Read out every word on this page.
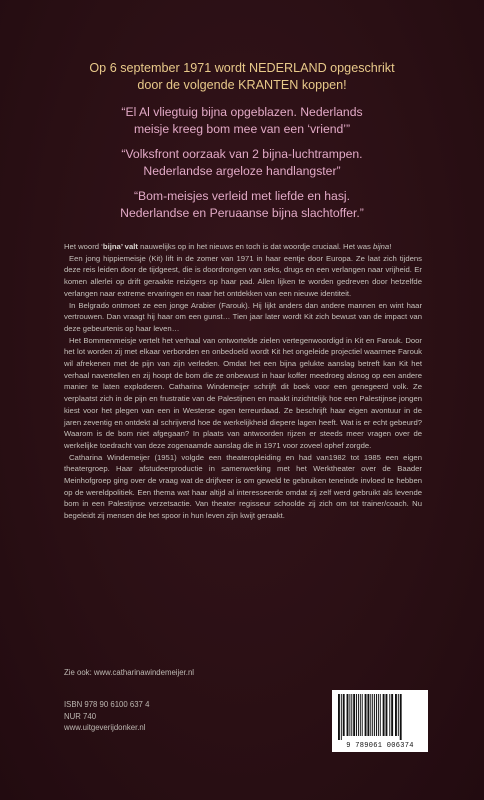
Op 6 september 1971 wordt NEDERLAND opgeschrikt
door de volgende KRANTEN koppen!

“El Al vliegtuig bijna opgeblazen. Nederlands
meisje kreeg bom mee van een ‘vriend’”

“Volksfront oorzaak van 2 bijna-luchtrampen.
Nederlandse argeloze handlangster”

“Bom-meisjes verleid met liefde en hasj.
Nederlandse en Peruaanse bijna slachtoffer.”

Het woord ‘bijna’ valt nauwelijks op in het nieuws en toch is dat woordje cruciaal. Het was bijna!

Een jong hippiemeisje (Kit) lift in de zomer van 1971 in haar eentje door Europa. Ze laat zich tijdens deze reis leiden door de tijdgeest, die is doordrongen van seks, drugs en een verlangen naar vrijheid. Er komen allerlei op drift geraakte reizigers op haar pad. Allen lijken te worden gedreven door hetzelfde verlangen naar extreme ervaringen en naar het ontdekken van een nieuwe identiteit.

In Belgrado ontmoet ze een jonge Arabier (Farouk). Hij lijkt anders dan andere mannen en wint haar vertrouwen. Dan vraagt hij haar om een gunst… Tien jaar later wordt Kit zich bewust van de impact van deze gebeurtenis op haar leven…

Het Bommenmeisje vertelt het verhaal van ontwortelde zielen vertegenwoordigd in Kit en Farouk. Door het lot worden zij met elkaar verbonden en onbedoeld wordt Kit het ongeleide projectiel waarmee Farouk wil afrekenen met de pijn van zijn verleden. Omdat het een bijna gelukte aanslag betreft kan Kit het verhaal navertellen en zij hoopt de bom die ze onbewust in haar koffer meedroeg alsnog op een andere manier te laten exploderen. Catharina Windemeijer schrijft dit boek voor een genegeerd volk. Ze verplaatst zich in de pijn en frustratie van de Palestijnen en maakt inzichtelijk hoe een Palestijnse jongen kiest voor het plegen van een in Westerse ogen terreurdaad. Ze beschrijft haar eigen avontuur in de jaren zeventig en ontdekt al schrijvend hoe de werkelijkheid diepere lagen heeft. Wat is er echt gebeurd? Waarom is de bom niet afgegaan? In plaats van antwoorden rijzen er steeds meer vragen over de werkelijke toedracht van deze zogenaamde aanslag die in 1971 voor zoveel ophef zorgde.

Catharina Windemeijer (1951) volgde een theateropleiding en had van1982 tot 1985 een eigen theatergroep. Haar afstudeerproductie in samenwerking met het Werktheater over de Baader Meinhofgroep ging over de vraag wat de drijfveer is om geweld te gebruiken teneinde invloed te hebben op de wereldpolitiek. Een thema wat haar altijd al interesseerde omdat zij zelf werd gebruikt als levende bom in een Palestijnse verzetsactie. Van theater regisseur schoolde zij zich om tot trainer/coach. Nu begeleidt zij mensen die het spoor in hun leven zijn kwijt geraakt.

Zie ook: www.catharinawindemeijer.nl
ISBN 978 90 6100 637 4
NUR 740
www.uitgeverijdonker.nl
9 789061 006374
